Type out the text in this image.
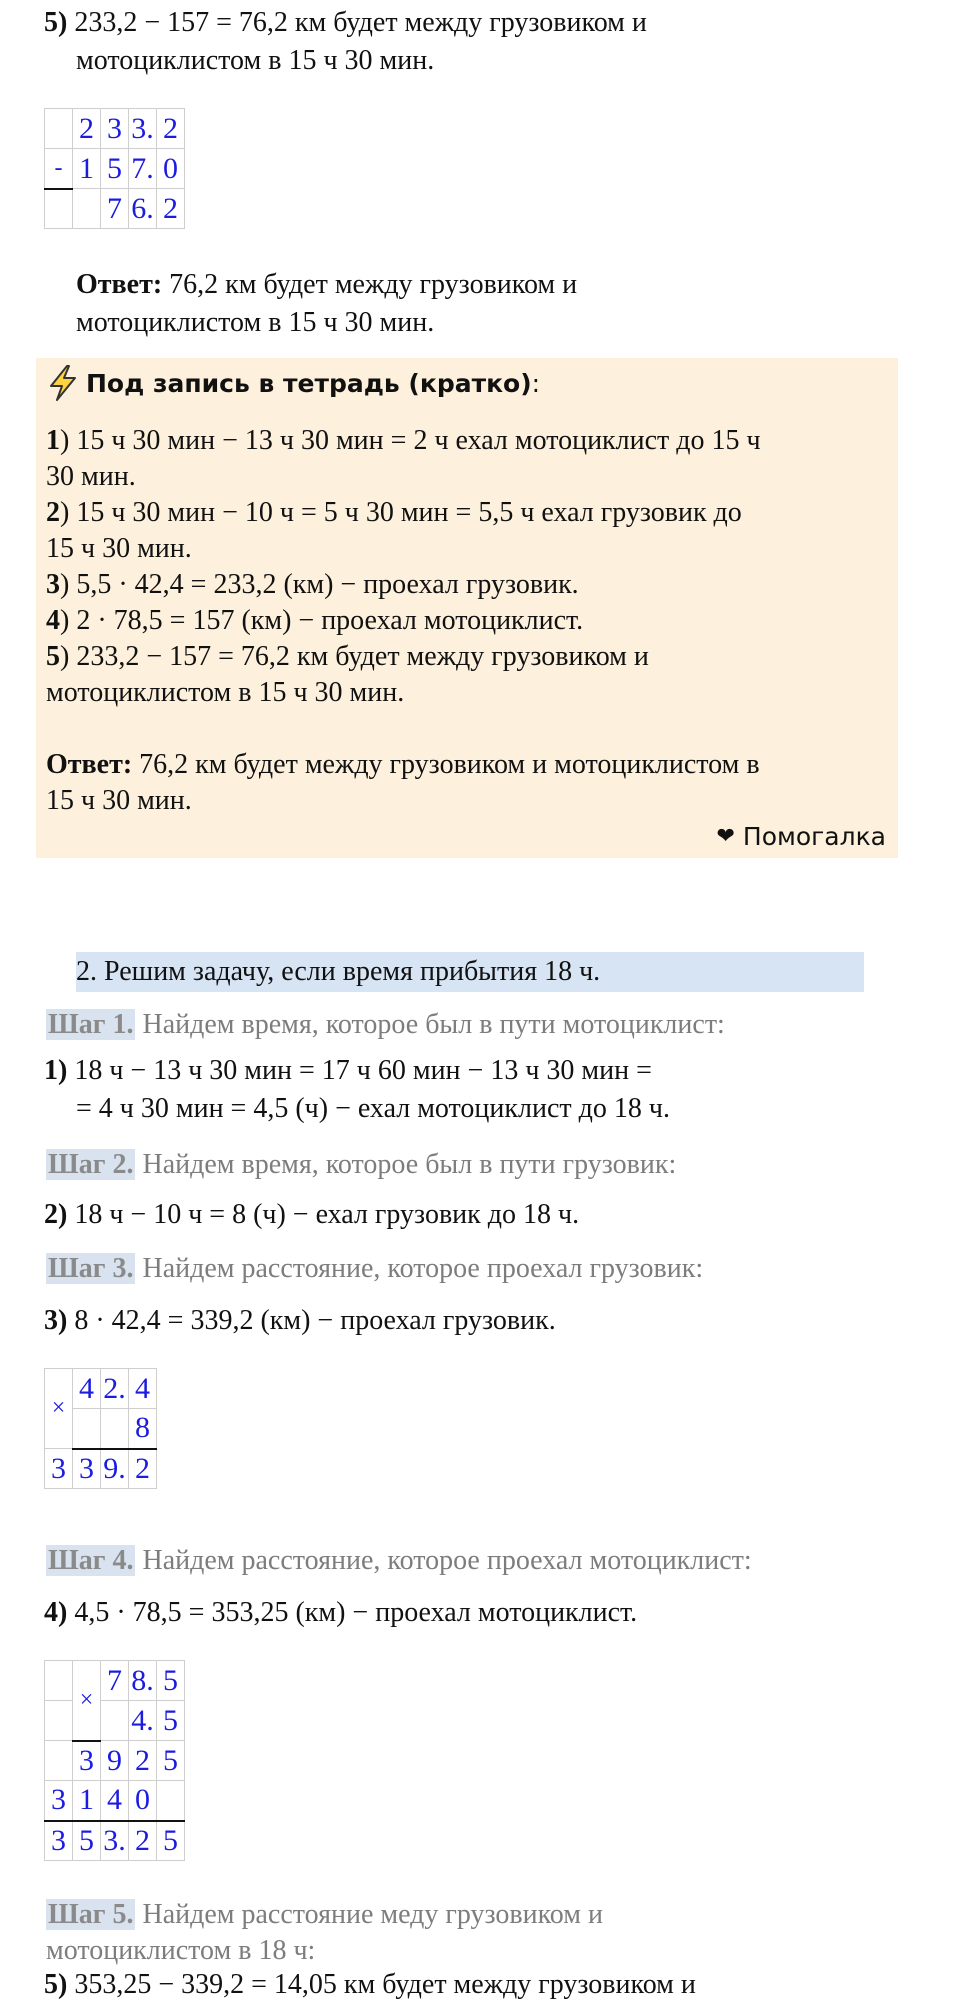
5) 233,2 − 157 = 76,2 км будет между грузовиком и
мотоциклистом в 15 ч 30 мин.
	2	3	3.	2
-	1	5	7.	0
		7	6.	2
Ответ: 76,2 км будет между грузовиком и
мотоциклистом в 15 ч 30 мин.
Под запись в тетрадь (кратко) :
1) 15 ч 30 мин − 13 ч 30 мин = 2 ч ехал мотоциклист до 15 ч
30 мин.
2) 15 ч 30 мин − 10 ч = 5 ч 30 мин = 5,5 ч ехал грузовик до
15 ч 30 мин.
3) 5,5 · 42,4 = 233,2 (км) − проехал грузовик.
4) 2 · 78,5 = 157 (км) − проехал мотоциклист.
5) 233,2 − 157 = 76,2 км будет между грузовиком и
мотоциклистом в 15 ч 30 мин.
Ответ: 76,2 км будет между грузовиком и мотоциклистом в
15 ч 30 мин.
❤ Помогалка
2. Решим задачу, если время прибытия 18 ч.
Шаг 1. Найдем время, которое был в пути мотоциклист:
1) 18 ч − 13 ч 30 мин = 17 ч 60 мин − 13 ч 30 мин =
= 4 ч 30 мин = 4,5 (ч) − ехал мотоциклист до 18 ч.
Шаг 2. Найдем время, которое был в пути грузовик:
2) 18 ч − 10 ч = 8 (ч) − ехал грузовик до 18 ч.
Шаг 3. Найдем расстояние, которое проехал грузовик:
3) 8 · 42,4 = 339,2 (км) − проехал грузовик.
×	4	2.	4
			8
3	3	9.	2
Шаг 4. Найдем расстояние, которое проехал мотоциклист:
4) 4,5 · 78,5 = 353,25 (км) − проехал мотоциклист.
	×	7	8.	5
			4.	5
	3	9	2	5
3	1	4	0	
3	5	3.	2	5
Шаг 5. Найдем расстояние меду грузовиком и
мотоциклистом в 18 ч:
5) 353,25 − 339,2 = 14,05 км будет между грузовиком и
